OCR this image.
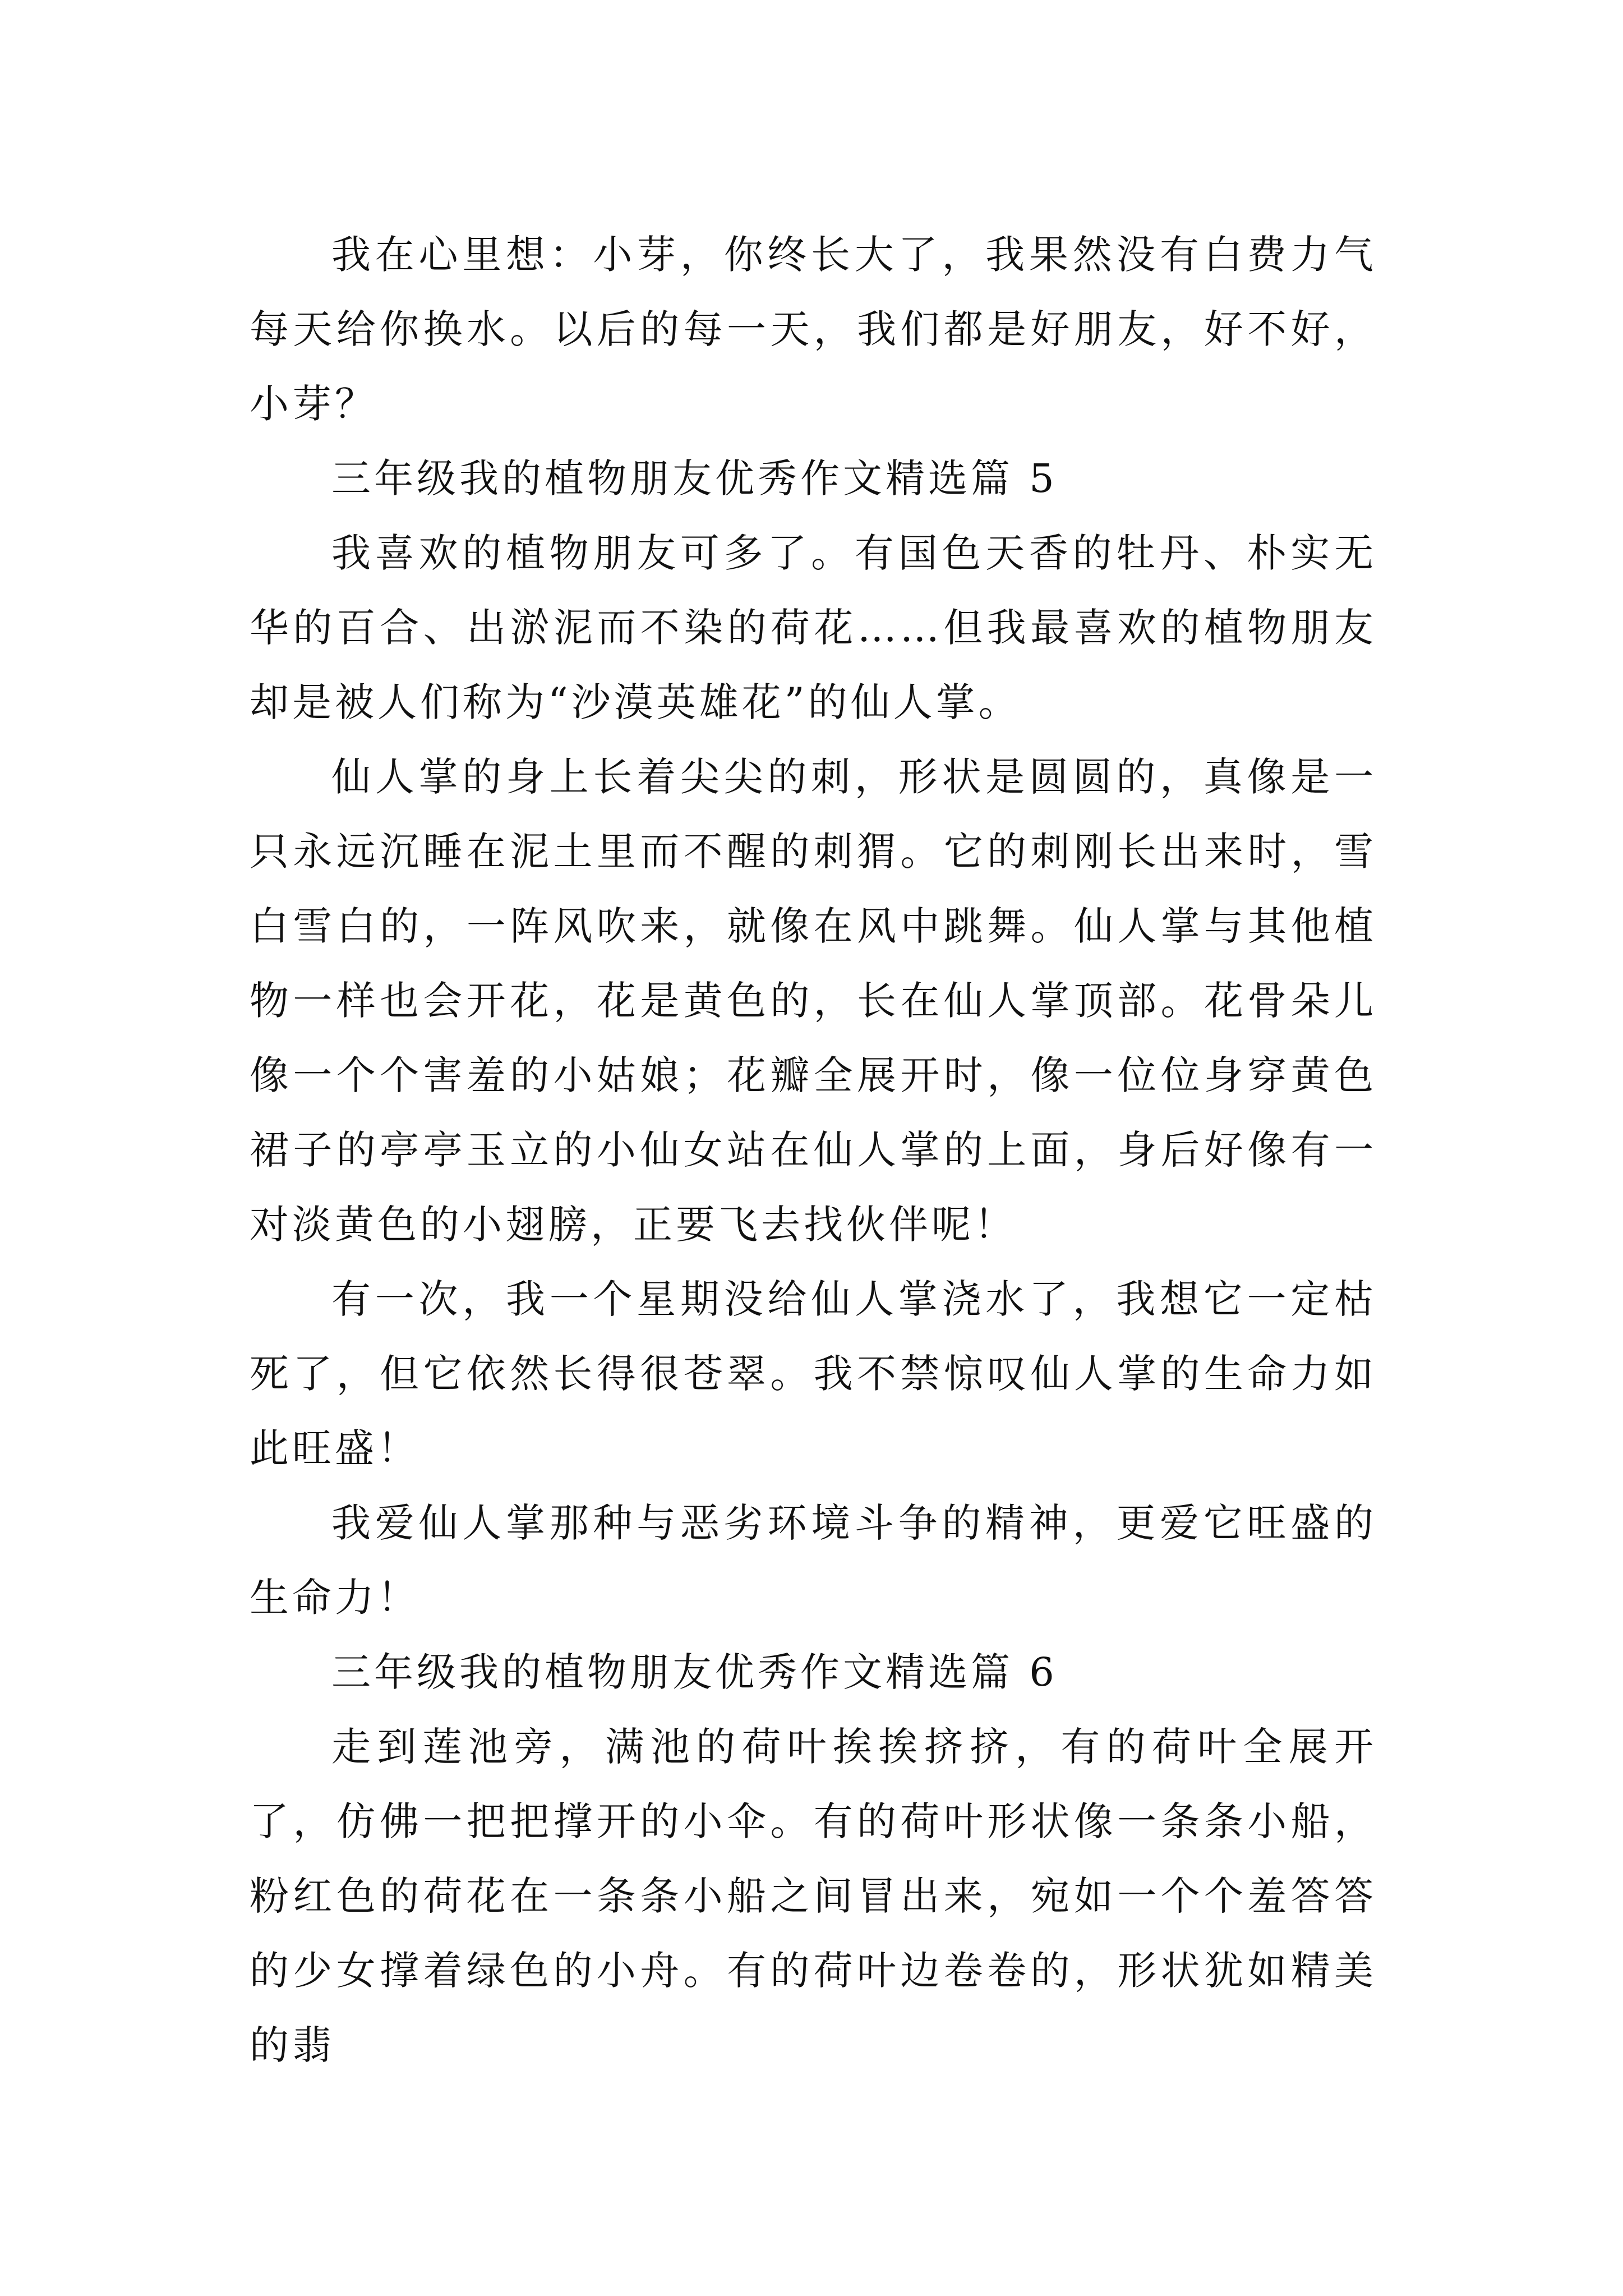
我在心里想：小芽，你终长大了，我果然没有白费力气每天给你换水。以后的每一天，我们都是好朋友，好不好，小芽？

三年级我的植物朋友优秀作文精选篇 5

我喜欢的植物朋友可多了。有国色天香的牡丹、朴实无华的百合、出淤泥而不染的荷花……但我最喜欢的植物朋友却是被人们称为“沙漠英雄花”的仙人掌。

仙人掌的身上长着尖尖的刺，形状是圆圆的，真像是一只永远沉睡在泥土里而不醒的刺猬。它的刺刚长出来时，雪白雪白的，一阵风吹来，就像在风中跳舞。仙人掌与其他植物一样也会开花，花是黄色的，长在仙人掌顶部。花骨朵儿像一个个害羞的小姑娘；花瓣全展开时，像一位位身穿黄色裙子的亭亭玉立的小仙女站在仙人掌的上面，身后好像有一对淡黄色的小翅膀，正要飞去找伙伴呢！

有一次，我一个星期没给仙人掌浇水了，我想它一定枯死了，但它依然长得很苍翠。我不禁惊叹仙人掌的生命力如此旺盛！

我爱仙人掌那种与恶劣环境斗争的精神，更爱它旺盛的生命力！

三年级我的植物朋友优秀作文精选篇 6

走到莲池旁，满池的荷叶挨挨挤挤，有的荷叶全展开了，仿佛一把把撑开的小伞。有的荷叶形状像一条条小船，粉红色的荷花在一条条小船之间冒出来，宛如一个个羞答答的少女撑着绿色的小舟。有的荷叶边卷卷的，形状犹如精美的翡
